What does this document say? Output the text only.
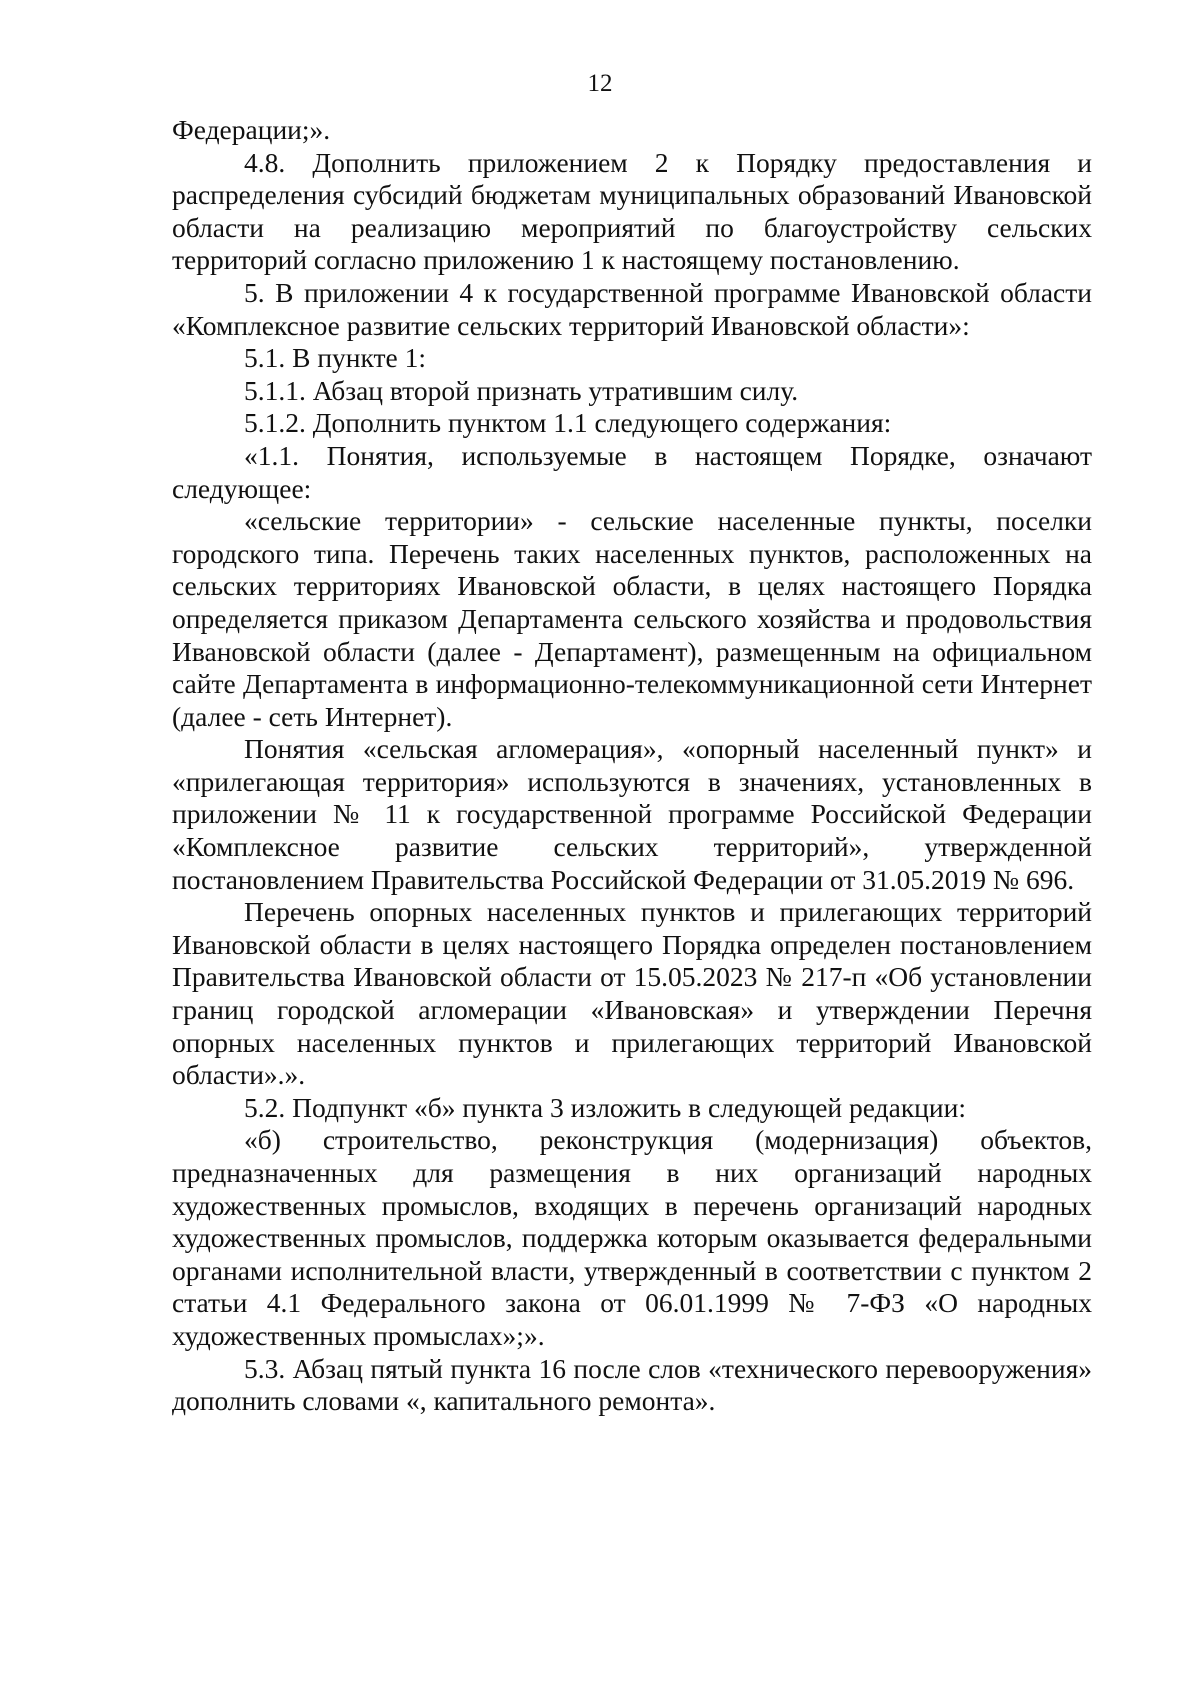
12

Федерации;».

4.8. Дополнить приложением 2 к Порядку предоставления и распределения субсидий бюджетам муниципальных образований Ивановской области на реализацию мероприятий по благоустройству сельских территорий согласно приложению 1 к настоящему постановлению.

5. В приложении 4 к государственной программе Ивановской области «Комплексное развитие сельских территорий Ивановской области»:

5.1. В пункте 1:

5.1.1. Абзац второй признать утратившим силу.

5.1.2. Дополнить пунктом 1.1 следующего содержания:

«1.1. Понятия, используемые в настоящем Порядке, означают следующее:

«сельские территории» - сельские населенные пункты, поселки городского типа. Перечень таких населенных пунктов, расположенных на сельских территориях Ивановской области, в целях настоящего Порядка определяется приказом Департамента сельского хозяйства и продовольствия Ивановской области (далее - Департамент), размещенным на официальном сайте Департамента в информационно-телекоммуникационной сети Интернет (далее - сеть Интернет).

Понятия «сельская агломерация», «опорный населенный пункт» и «прилегающая территория» используются в значениях, установленных в приложении № 11 к государственной программе Российской Федерации «Комплексное развитие сельских территорий», утвержденной постановлением Правительства Российской Федерации от 31.05.2019 № 696.

Перечень опорных населенных пунктов и прилегающих территорий Ивановской области в целях настоящего Порядка определен постановлением Правительства Ивановской области от 15.05.2023 № 217-п «Об установлении границ городской агломерации «Ивановская» и утверждении Перечня опорных населенных пунктов и прилегающих территорий Ивановской области».».

5.2. Подпункт «б» пункта 3 изложить в следующей редакции:

«б) строительство, реконструкция (модернизация) объектов, предназначенных для размещения в них организаций народных художественных промыслов, входящих в перечень организаций народных художественных промыслов, поддержка которым оказывается федеральными органами исполнительной власти, утвержденный в соответствии с пунктом 2 статьи 4.1 Федерального закона от 06.01.1999 № 7-ФЗ «О народных художественных промыслах»;».

5.3. Абзац пятый пункта 16 после слов «технического перевооружения» дополнить словами «, капитального ремонта».
